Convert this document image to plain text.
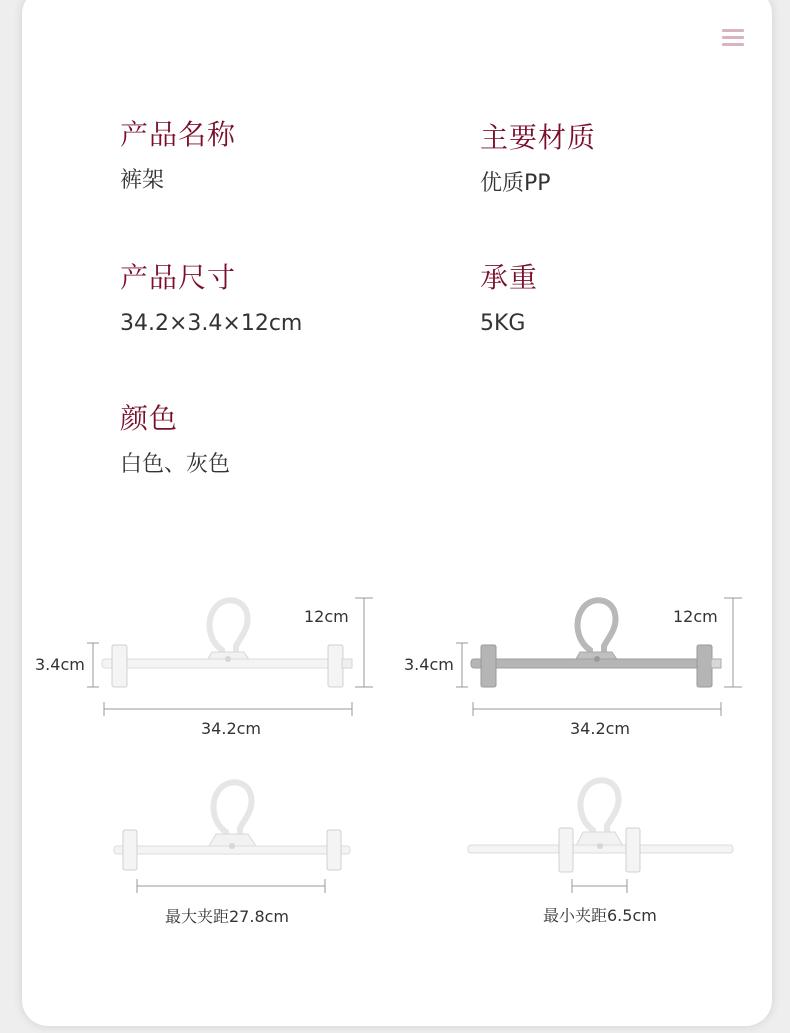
产品名称
裤架
主要材质
优质PP
产品尺寸
34.2×3.4×12cm
承重
5KG
颜色
白色、灰色
12cm
3.4cm
34.2cm
12cm
3.4cm
34.2cm
最大夹距27.8cm	最小夹距6.5cm
